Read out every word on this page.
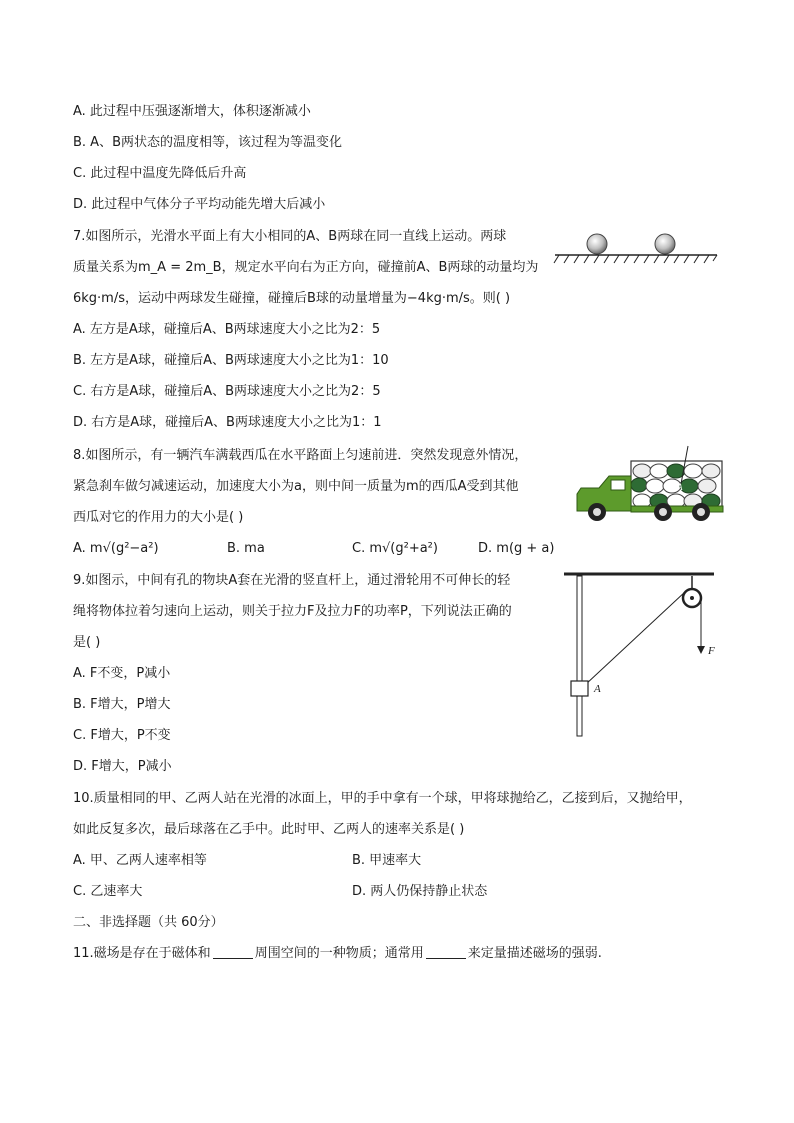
A. 此过程中压强逐渐增大，体积逐渐减小
B. A、B两状态的温度相等，该过程为等温变化
C. 此过程中温度先降低后升高
D. 此过程中气体分子平均动能先增大后减小
7.如图所示，光滑水平面上有大小相同的A、B两球在同一直线上运动。两球
质量关系为m_A = 2m_B，规定水平向右为正方向，碰撞前A、B两球的动量均为
6kg·m/s，运动中两球发生碰撞，碰撞后B球的动量增量为−4kg·m/s。则( )
A. 左方是A球，碰撞后A、B两球速度大小之比为2：5
B. 左方是A球，碰撞后A、B两球速度大小之比为1：10
C. 右方是A球，碰撞后A、B两球速度大小之比为2：5
D. 右方是A球，碰撞后A、B两球速度大小之比为1：1
8.如图所示，有一辆汽车满载西瓜在水平路面上匀速前进．突然发现意外情况，
紧急刹车做匀减速运动，加速度大小为a，则中间一质量为m的西瓜A受到其他
西瓜对它的作用力的大小是( )
A. m√(g²−a²)	B. ma	C. m√(g²+a²)	D. m(g + a)
A
9.如图示，中间有孔的物块A套在光滑的竖直杆上，通过滑轮用不可伸长的轻
绳将物体拉着匀速向上运动，则关于拉力F及拉力F的功率P，下列说法正确的
是( )
A. F不变，P减小
B. F增大，P增大
C. F增大，P不变
D. F增大，P减小
F
A
10.质量相同的甲、乙两人站在光滑的冰面上，甲的手中拿有一个球，甲将球抛给乙，乙接到后，又抛给甲，
如此反复多次，最后球落在乙手中。此时甲、乙两人的速率关系是( )
A. 甲、乙两人速率相等	B. 甲速率大
C. 乙速率大	D. 两人仍保持静止状态
二、非选择题（共 60分）
11.磁场是存在于磁体和	周围空间的一种物质；通常用	来定量描述磁场的强弱.
